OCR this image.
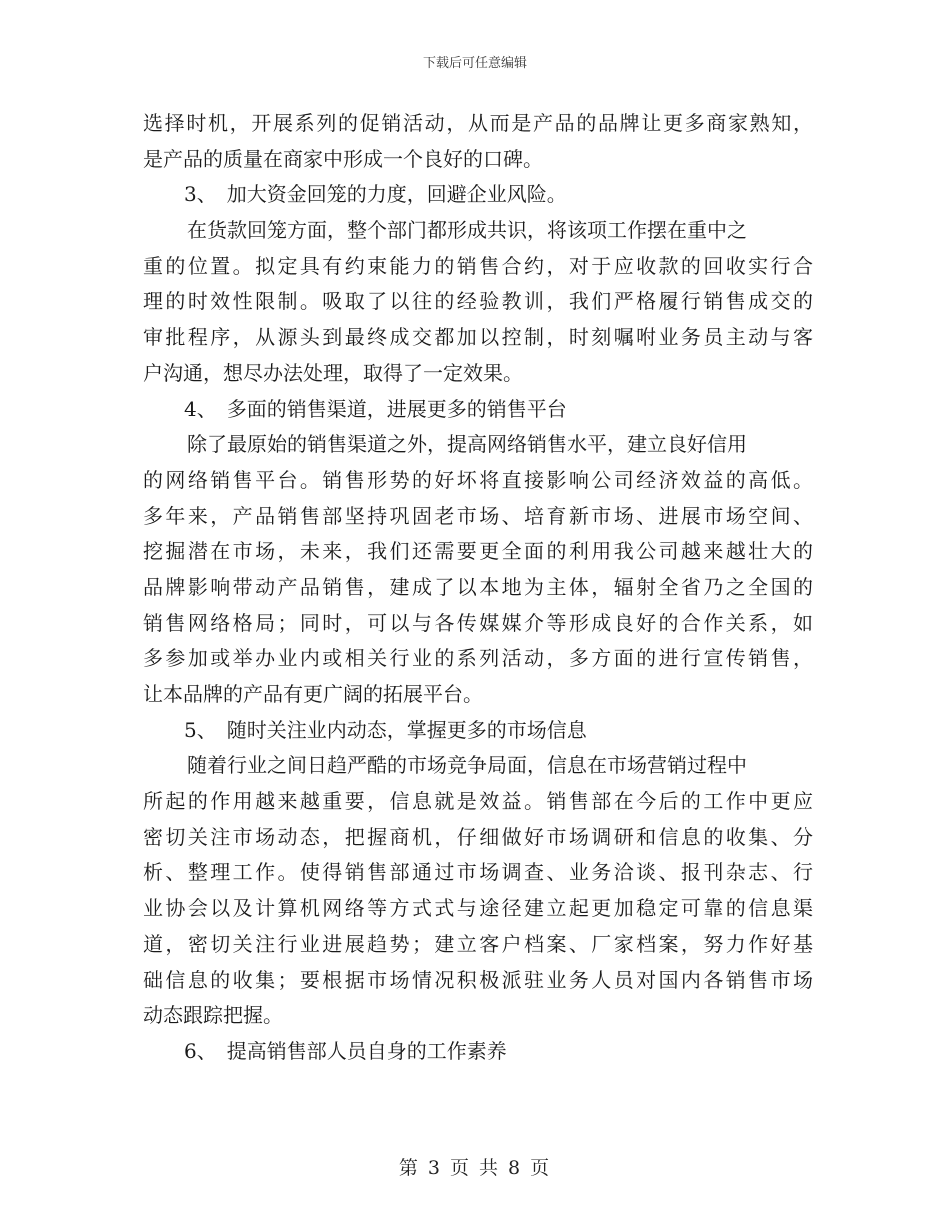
下载后可任意编辑
选择时机，开展系列的促销活动，从而是产品的品牌让更多商家熟知，
是产品的质量在商家中形成一个良好的口碑。
3、　加大资金回笼的力度，回避企业风险。
在货款回笼方面，整个部门都形成共识，将该项工作摆在重中之
重的位置。拟定具有约束能力的销售合约，对于应收款的回收实行合
理的时效性限制。吸取了以往的经验教训，我们严格履行销售成交的
审批程序，从源头到最终成交都加以控制，时刻嘱咐业务员主动与客
户沟通，想尽办法处理，取得了一定效果。
4、　多面的销售渠道，进展更多的销售平台
除了最原始的销售渠道之外，提高网络销售水平，建立良好信用
的网络销售平台。销售形势的好坏将直接影响公司经济效益的高低。
多年来，产品销售部坚持巩固老市场、培育新市场、进展市场空间、
挖掘潜在市场，未来，我们还需要更全面的利用我公司越来越壮大的
品牌影响带动产品销售，建成了以本地为主体，辐射全省乃之全国的
销售网络格局；同时，可以与各传媒媒介等形成良好的合作关系，如
多参加或举办业内或相关行业的系列活动，多方面的进行宣传销售，
让本品牌的产品有更广阔的拓展平台。
5、　随时关注业内动态，掌握更多的市场信息
随着行业之间日趋严酷的市场竞争局面，信息在市场营销过程中
所起的作用越来越重要，信息就是效益。销售部在今后的工作中更应
密切关注市场动态，把握商机，仔细做好市场调研和信息的收集、分
析、整理工作。使得销售部通过市场调查、业务洽谈、报刊杂志、行
业协会以及计算机网络等方式式与途径建立起更加稳定可靠的信息渠
道，密切关注行业进展趋势；建立客户档案、厂家档案，努力作好基
础信息的收集；要根据市场情况积极派驻业务人员对国内各销售市场
动态跟踪把握。
6、　提高销售部人员自身的工作素养
第 3 页 共 8 页
